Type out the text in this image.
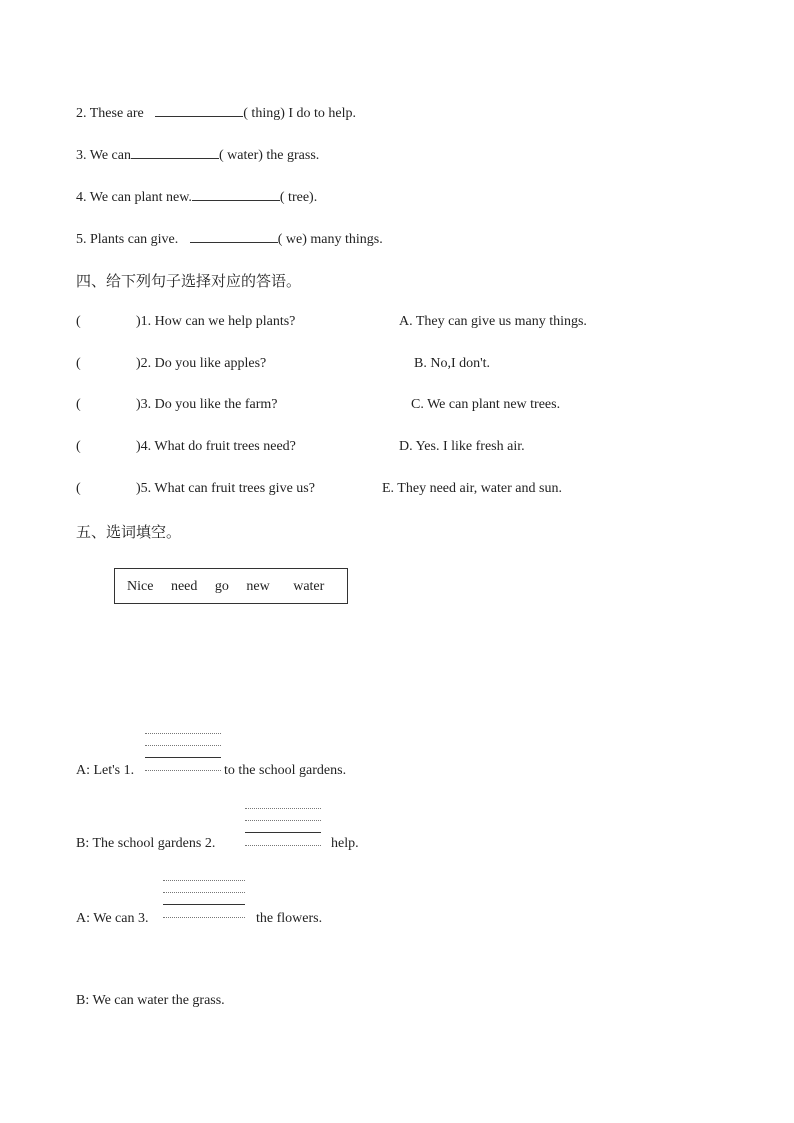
2. These are	( thing) I do to help.
3. We can	( water) the grass.
4. We can plant new.	( tree).
5. Plants can give.	( we) many things.
四、给下列句子选择对应的答语。
(	)1. How can we help plants?	A. They can give us many things.
(	)2. Do you like apples?	B. No,I don't.
(	)3. Do you like the farm?	C. We can plant new trees.
(	)4. What do fruit trees need?	D. Yes. I like fresh air.
(	)5. What can fruit trees give us?	E. They need air, water and sun.
五、选词填空。
Nice need go new water
A: Let's 1.	to the school gardens.
B: The school gardens 2.	help.
A: We can 3.	the flowers.
B: We can water the grass.
